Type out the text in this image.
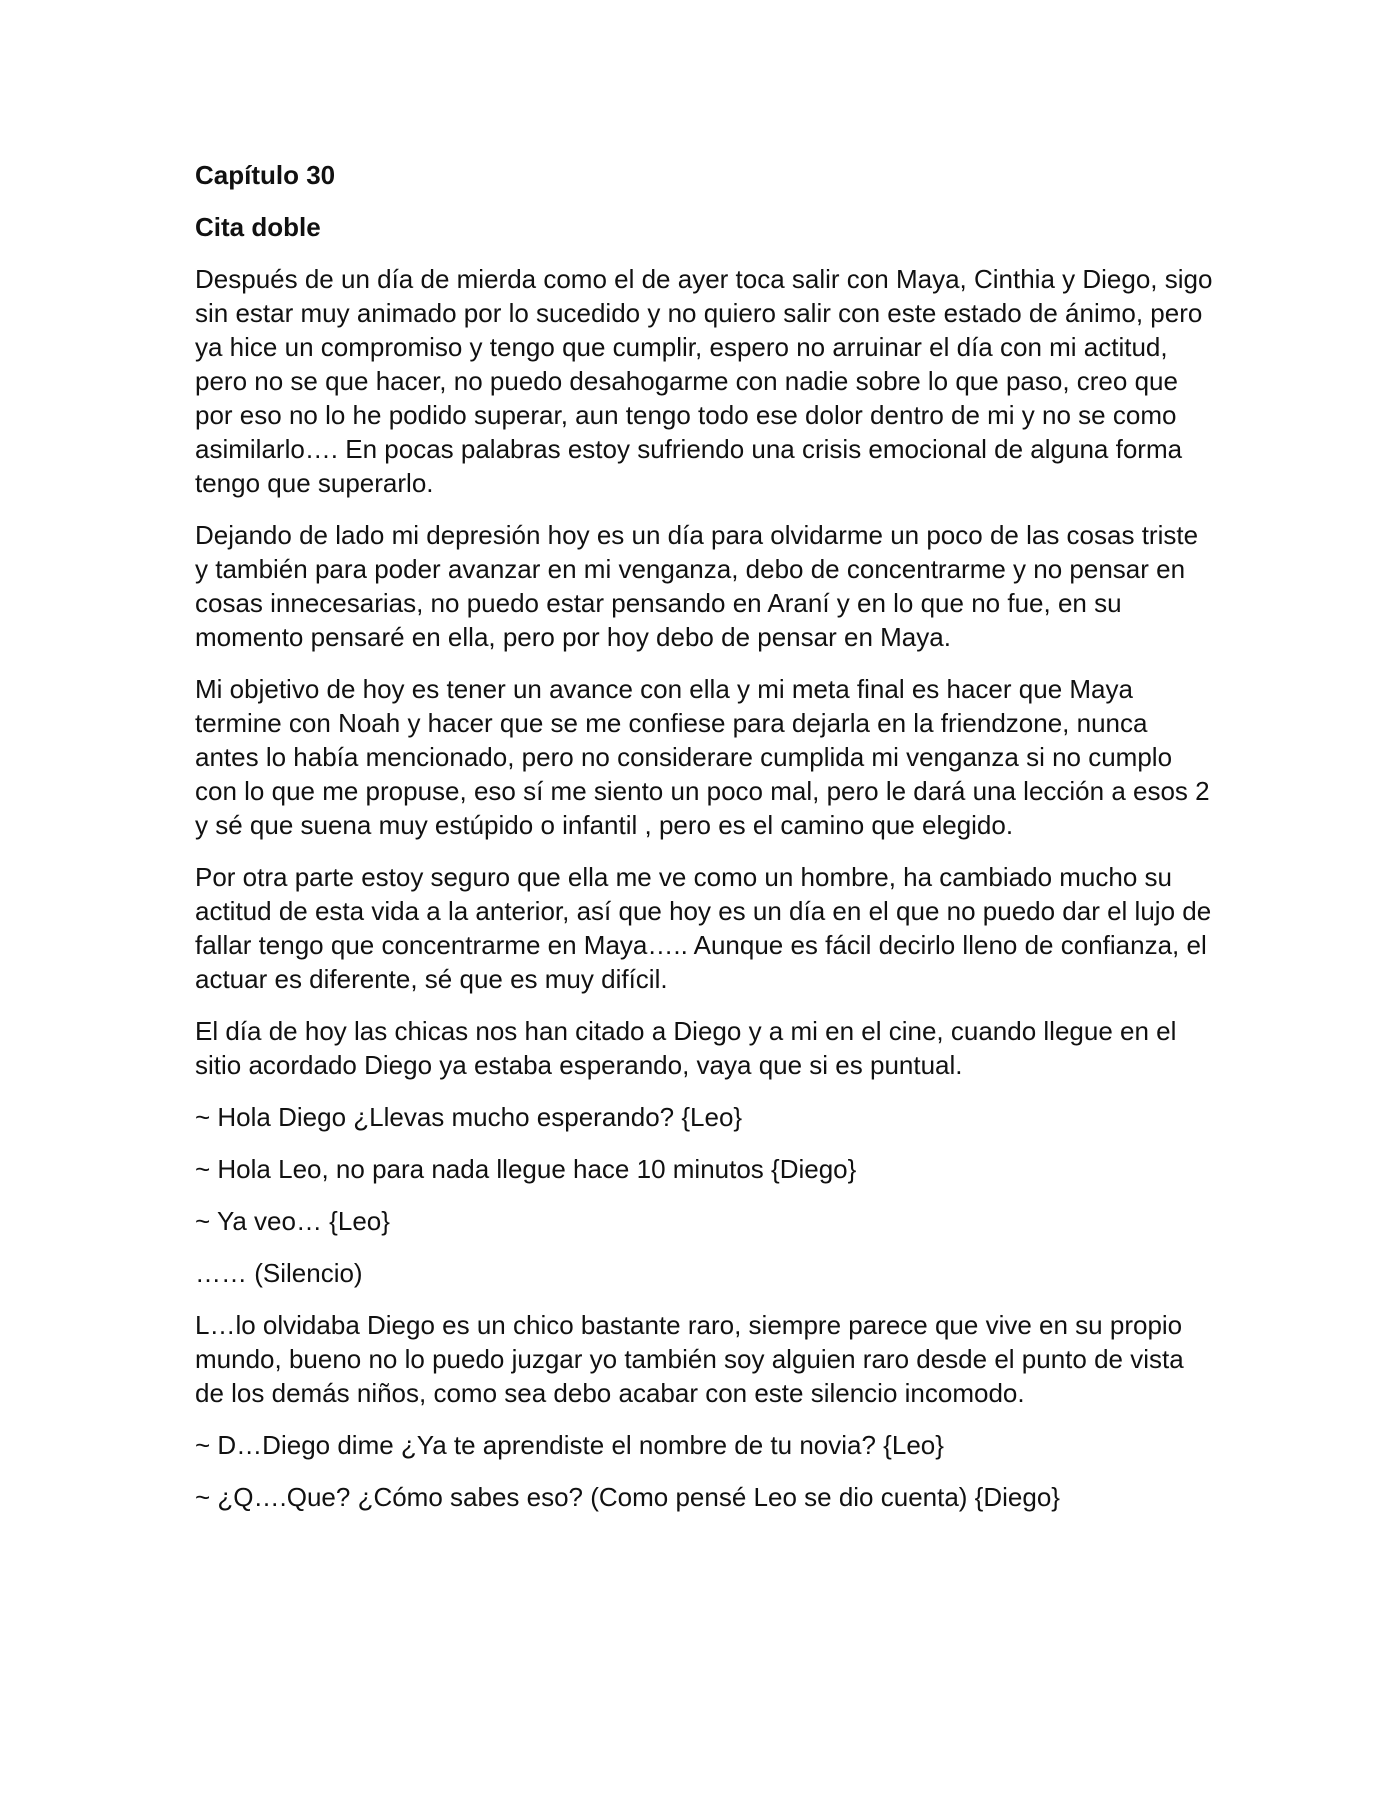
Capítulo 30
Cita doble

Después de un día de mierda como el de ayer toca salir con Maya, Cinthia y Diego, sigo sin estar muy animado por lo sucedido y no quiero salir con este estado de ánimo, pero ya hice un compromiso y tengo que cumplir, espero no arruinar el día con mi actitud, pero no se que hacer, no puedo desahogarme con nadie sobre lo que paso, creo que por eso no lo he podido superar, aun tengo todo ese dolor dentro de mi y no se como asimilarlo…. En pocas palabras estoy sufriendo una crisis emocional de alguna forma tengo que superarlo.

Dejando de lado mi depresión hoy es un día para olvidarme un poco de las cosas triste y también para poder avanzar en mi venganza, debo de concentrarme y no pensar en cosas innecesarias, no puedo estar pensando en Araní y en lo que no fue, en su momento pensaré en ella, pero por hoy debo de pensar en Maya.

Mi objetivo de hoy es tener un avance con ella y mi meta final es hacer que Maya termine con Noah y hacer que se me confiese para dejarla en la friendzone, nunca antes lo había mencionado, pero no considerare cumplida mi venganza si no cumplo con lo que me propuse, eso sí me siento un poco mal, pero le dará una lección a esos 2 y sé que suena muy estúpido o infantil , pero es el camino que elegido.

Por otra parte estoy seguro que ella me ve como un hombre, ha cambiado mucho su actitud de esta vida a la anterior, así que hoy es un día en el que no puedo dar el lujo de fallar tengo que concentrarme en Maya….. Aunque es fácil decirlo lleno de confianza, el actuar es diferente, sé que es muy difícil.

El día de hoy las chicas nos han citado a Diego y a mi en el cine, cuando llegue en el sitio acordado Diego ya estaba esperando, vaya que si es puntual.

~ Hola Diego ¿Llevas mucho esperando? {Leo}

~ Hola Leo, no para nada llegue hace 10 minutos {Diego}

~ Ya veo… {Leo}

…… (Silencio)

L…lo olvidaba Diego es un chico bastante raro, siempre parece que vive en su propio mundo, bueno no lo puedo juzgar yo también soy alguien raro desde el punto de vista de los demás niños, como sea debo acabar con este silencio incomodo.

~ D…Diego dime ¿Ya te aprendiste el nombre de tu novia? {Leo}

~ ¿Q….Que? ¿Cómo sabes eso? (Como pensé Leo se dio cuenta) {Diego}
